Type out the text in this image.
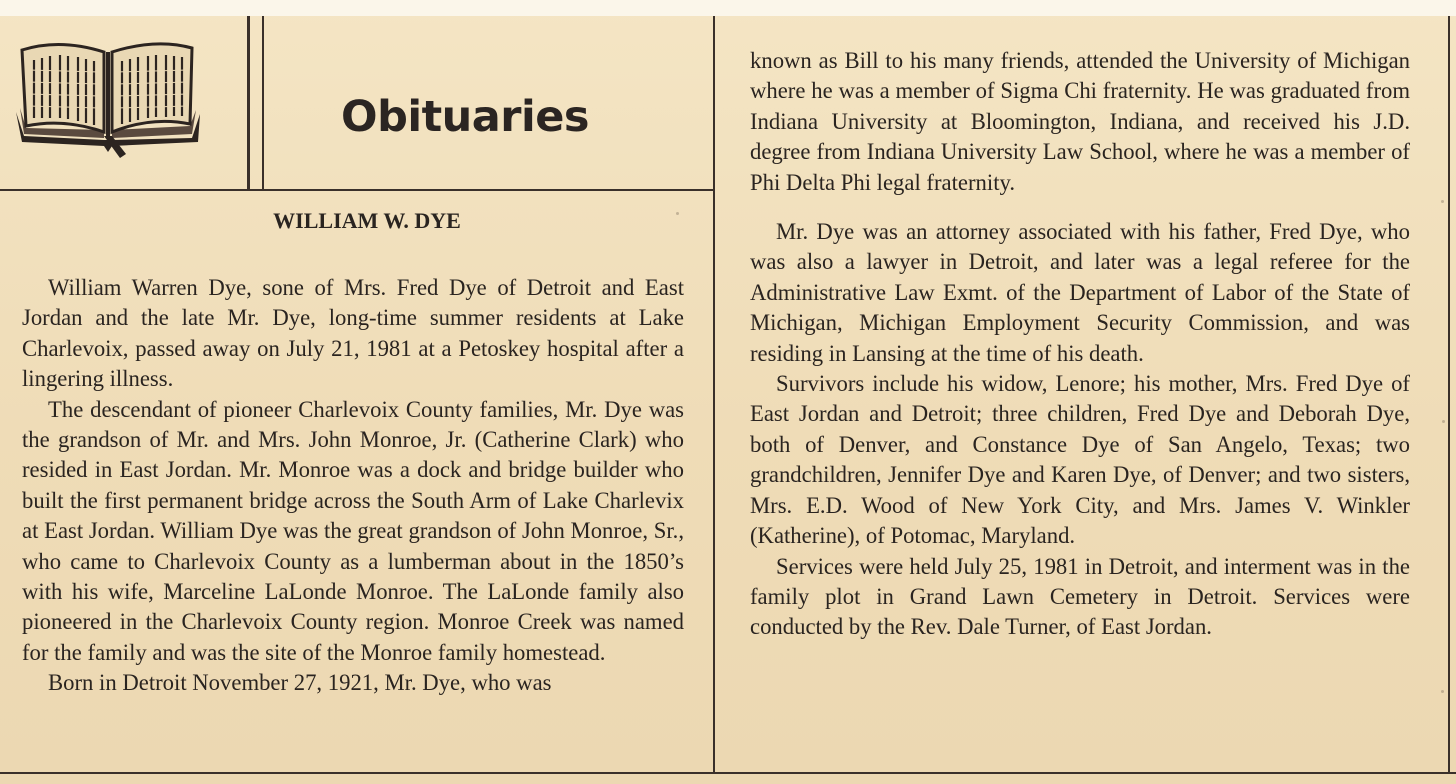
Obituaries
WILLIAM W. DYE

William Warren Dye, sone of Mrs. Fred Dye of Detroit and East Jordan and the late Mr. Dye, long-time summer residents at Lake Charlevoix, passed away on July 21, 1981 at a Petoskey hospital after a lingering illness.

The descendant of pioneer Charlevoix County families, Mr. Dye was the grandson of Mr. and Mrs. John Monroe, Jr. (Catherine Clark) who resided in East Jordan. Mr. Monroe was a dock and bridge builder who built the first permanent bridge across the South Arm of Lake Charlevix at East Jordan. William Dye was the great grandson of John Monroe, Sr., who came to Charlevoix County as a lumberman about in the 1850’s with his wife, Marceline LaLonde Monroe. The LaLonde family also pioneered in the Charlevoix County region. Monroe Creek was named for the family and was the site of the Monroe family homestead.

Born in Detroit November 27, 1921, Mr. Dye, who was

known as Bill to his many friends, attended the University of Michigan where he was a member of Sigma Chi fraternity. He was graduated from Indiana University at Bloomington, Indiana, and received his J.D. degree from Indiana University Law School, where he was a member of Phi Delta Phi legal fraternity.

Mr. Dye was an attorney associated with his father, Fred Dye, who was also a lawyer in Detroit, and later was a legal referee for the Administrative Law Exmt. of the Department of Labor of the State of Michigan, Michigan Employment Security Commission, and was residing in Lansing at the time of his death.

Survivors include his widow, Lenore; his mother, Mrs. Fred Dye of East Jordan and Detroit; three children, Fred Dye and Deborah Dye, both of Denver, and Constance Dye of San Angelo, Texas; two grandchildren, Jennifer Dye and Karen Dye, of Denver; and two sisters, Mrs. E.D. Wood of New York City, and Mrs. James V. Winkler (Katherine), of Potomac, Maryland.

Services were held July 25, 1981 in Detroit, and interment was in the family plot in Grand Lawn Cemetery in Detroit. Services were conducted by the Rev. Dale Turner, of East Jordan.
